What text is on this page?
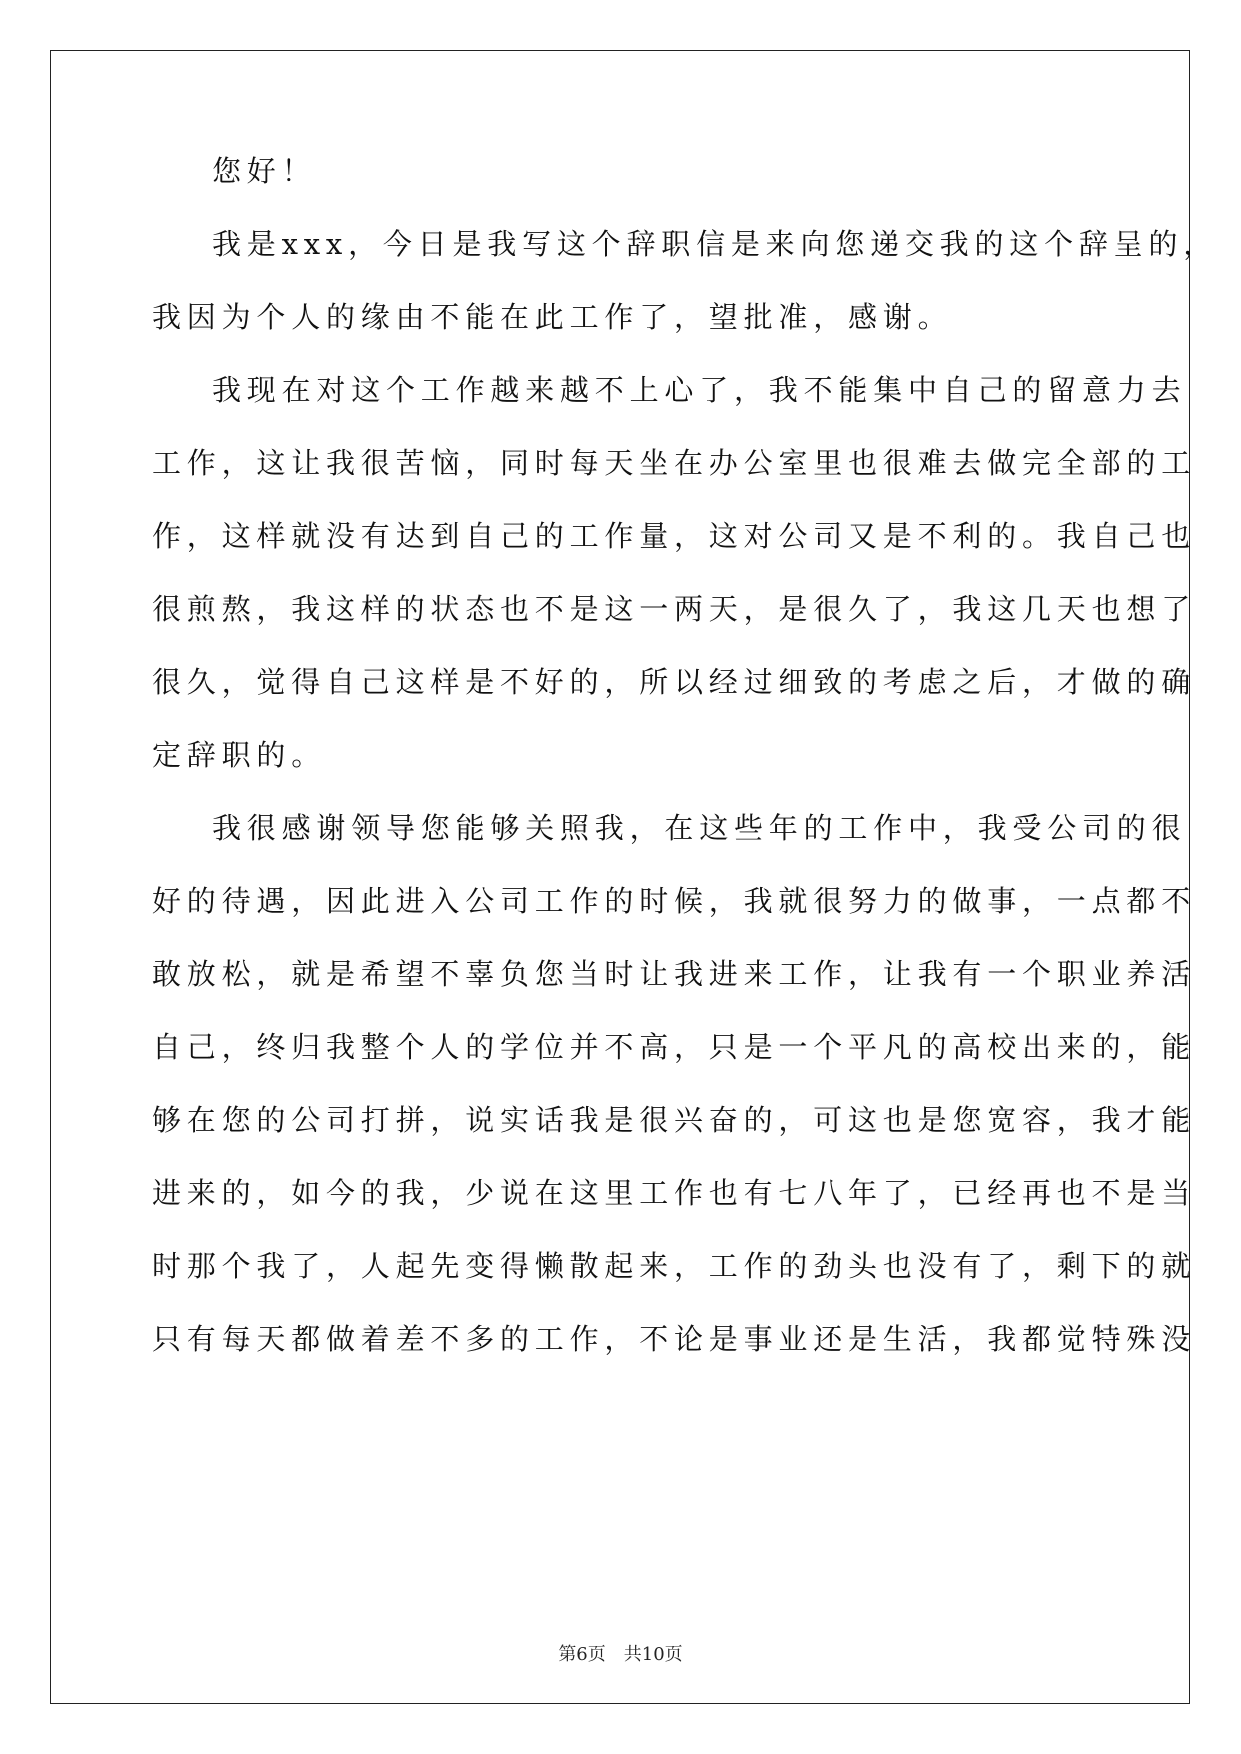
您好！
我是xxx，今日是我写这个辞职信是来向您递交我的这个辞呈的，
我因为个人的缘由不能在此工作了，望批准，感谢。
我现在对这个工作越来越不上心了，我不能集中自己的留意力去
工作，这让我很苦恼，同时每天坐在办公室里也很难去做完全部的工
作，这样就没有达到自己的工作量，这对公司又是不利的。我自己也
很煎熬，我这样的状态也不是这一两天，是很久了，我这几天也想了
很久，觉得自己这样是不好的，所以经过细致的考虑之后，才做的确
定辞职的。
我很感谢领导您能够关照我，在这些年的工作中，我受公司的很
好的待遇，因此进入公司工作的时候，我就很努力的做事，一点都不
敢放松，就是希望不辜负您当时让我进来工作，让我有一个职业养活
自己，终归我整个人的学位并不高，只是一个平凡的高校出来的，能
够在您的公司打拼，说实话我是很兴奋的，可这也是您宽容，我才能
进来的，如今的我，少说在这里工作也有七八年了，已经再也不是当
时那个我了，人起先变得懒散起来，工作的劲头也没有了，剩下的就
只有每天都做着差不多的工作，不论是事业还是生活，我都觉特殊没
第6页　共10页
